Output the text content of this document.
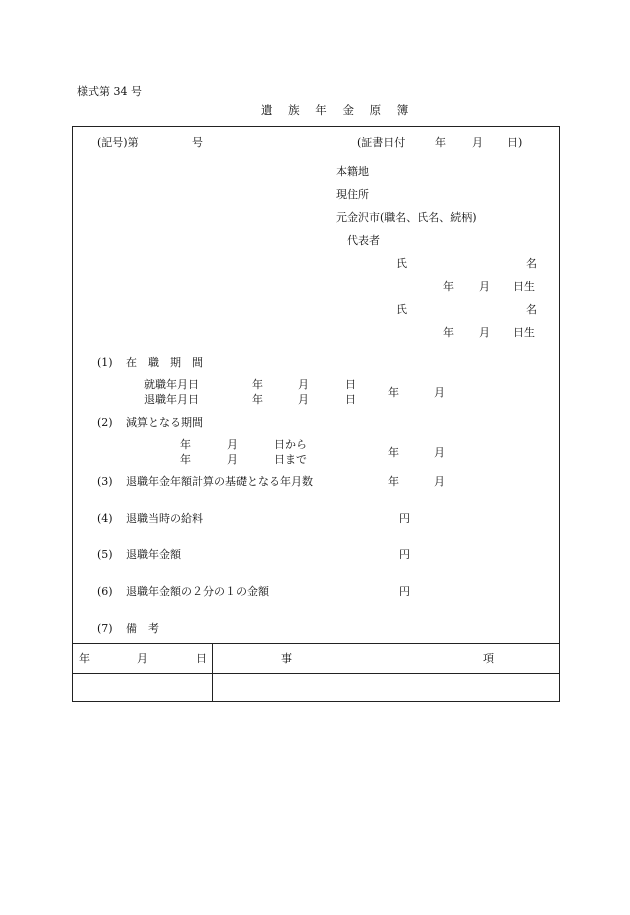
様式第 34 号
遺 族 年 金 原 簿
(記号)第	号	(証書日付	年 月 日)
本籍地
現住所
元金沢市(職名、氏名、続柄)
代表者
氏	名
年 月 日生
氏	名
年 月 日生
(1) 在　職　期　間
就職年月日	年	月	日
退職年月日	年	月	日
年	月
(2) 減算となる期間
年	月	日から
年	月	日まで
年	月
(3) 退職年金年額計算の基礎となる年月数	年	月
(4) 退職当時の給料	円
(5) 退職年金額	円
(6) 退職年金額の２分の１の金額	円
(7) 備　考
年	月	日	事	項
